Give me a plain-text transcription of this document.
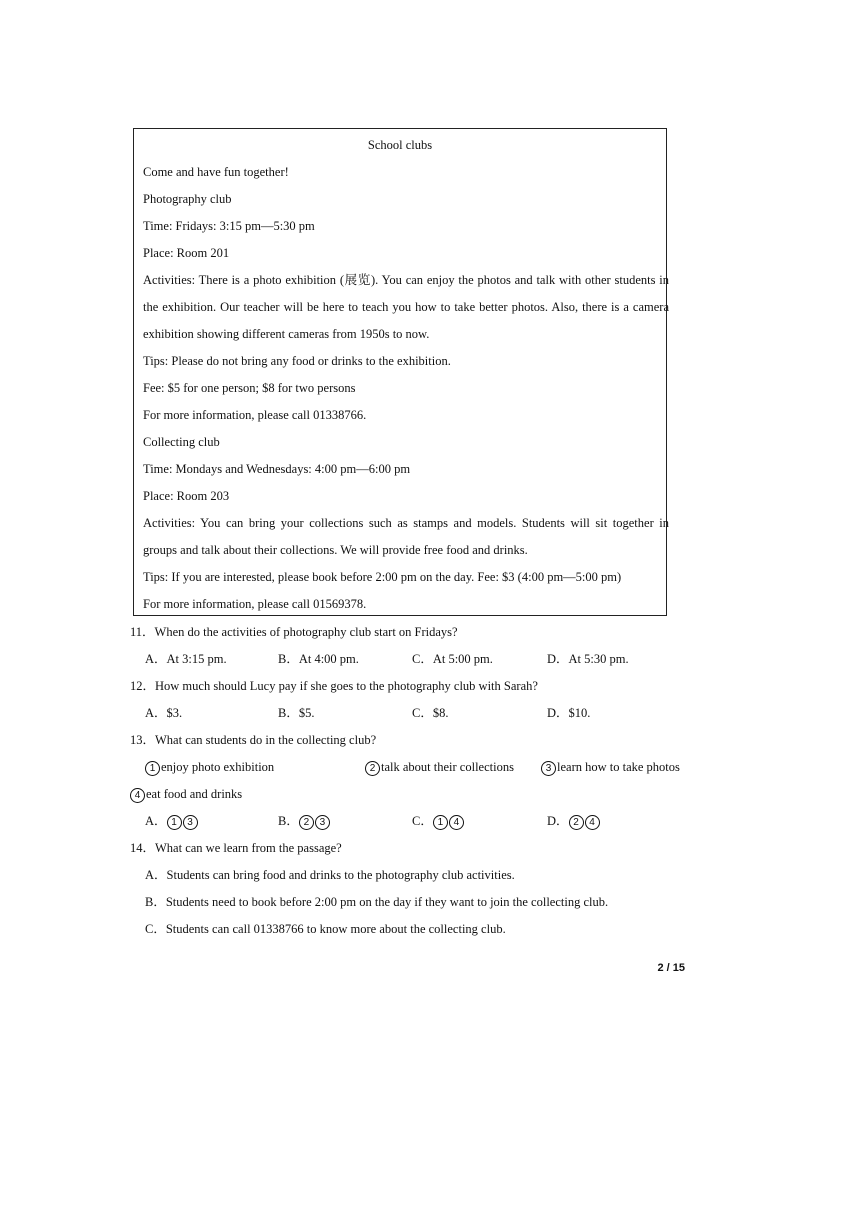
School clubs
Come and have fun together!
Photography club
Time: Fridays: 3:15 pm—5:30 pm
Place: Room 201
Activities: There is a photo exhibition (展览). You can enjoy the photos and talk with other students in
the exhibition. Our teacher will be here to teach you how to take better photos. Also, there is a camera
exhibition showing different cameras from 1950s to now.
Tips: Please do not bring any food or drinks to the exhibition.
Fee: $5 for one person; $8 for two persons
For more information, please call 01338766.
Collecting club
Time: Mondays and Wednesdays: 4:00 pm—6:00 pm
Place: Room 203
Activities: You can bring your collections such as stamps and models. Students will sit together in
groups and talk about their collections. We will provide free food and drinks.
Tips: If you are interested, please book before 2:00 pm on the day. Fee: $3 (4:00 pm—5:00 pm)
For more information, please call 01569378.
11．When do the activities of photography club start on Fridays?
A．At 3:15 pm.	B．At 4:00 pm.	C．At 5:00 pm.	D．At 5:30 pm.
12．How much should Lucy pay if she goes to the photography club with Sarah?
A．$3.	B．$5.	C．$8.	D．$10.
13．What can students do in the collecting club?
1 enjoy photo exhibition	2 talk about their collections	3 learn how to take photos
4 eat food and drinks
A． 1 3	B． 2 3	C． 1 4	D． 2 4
14．What can we learn from the passage?
A．Students can bring food and drinks to the photography club activities.
B．Students need to book before 2:00 pm on the day if they want to join the collecting club.
C．Students can call 01338766 to know more about the collecting club.
2 / 15
